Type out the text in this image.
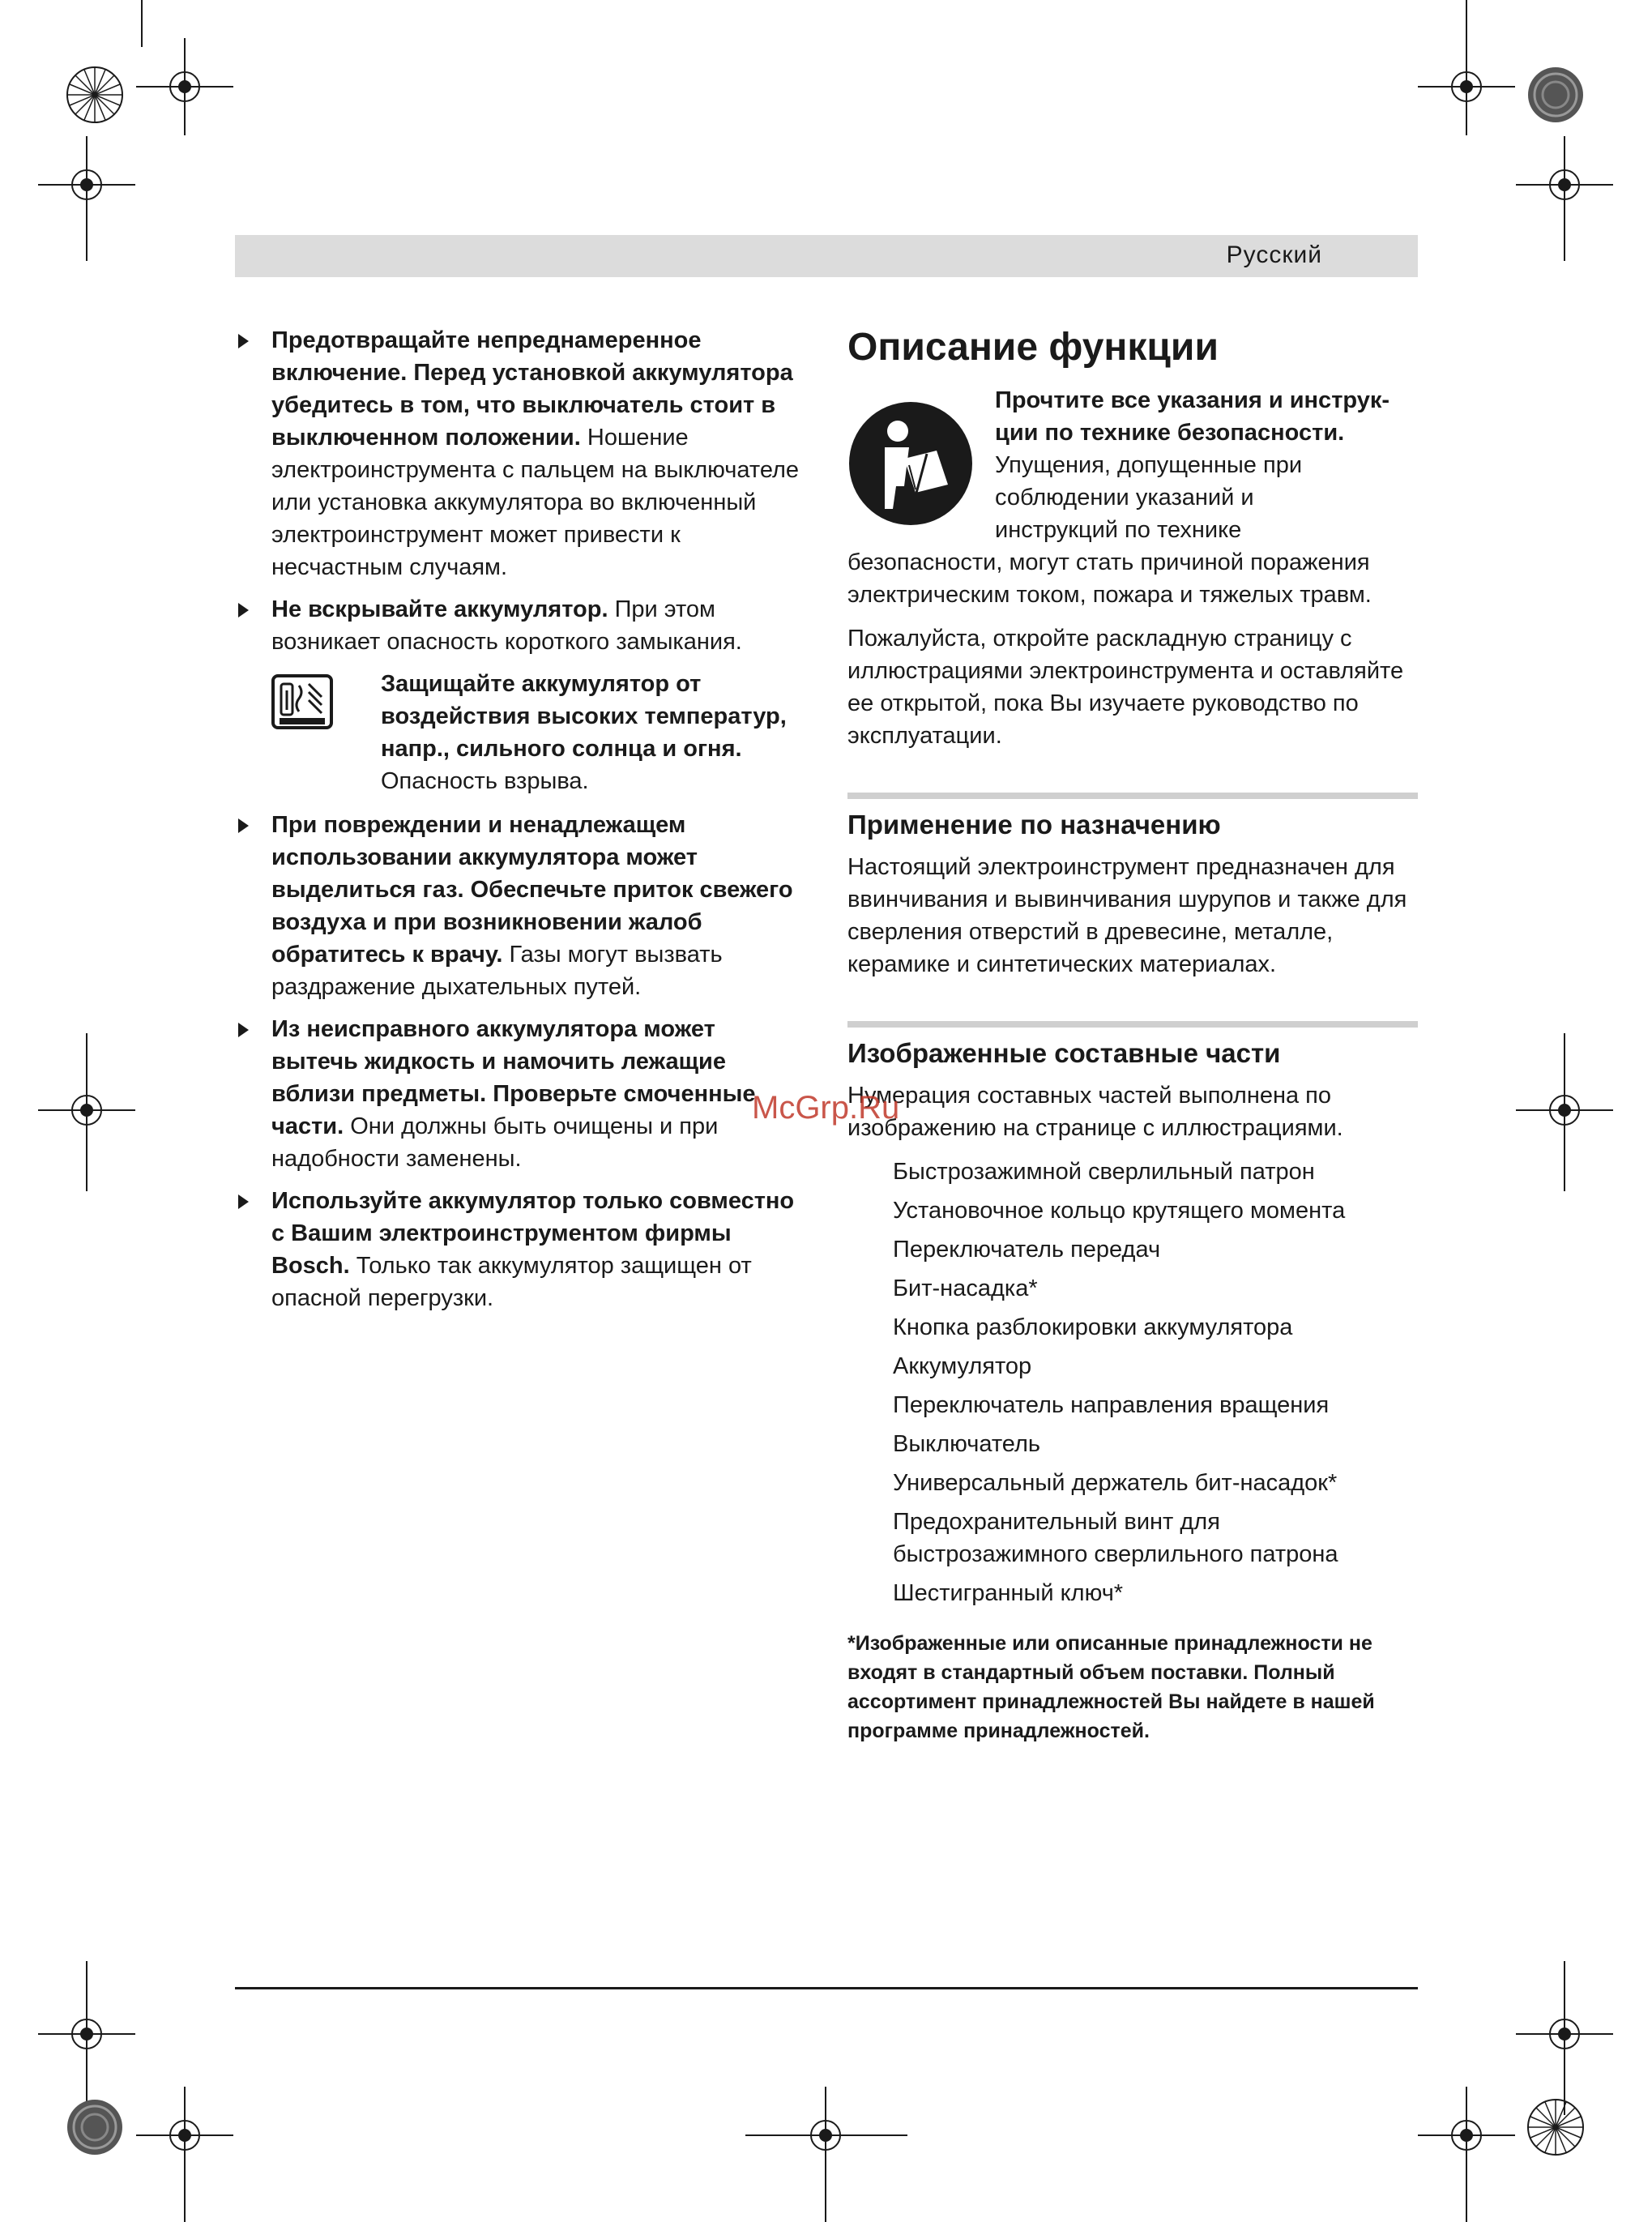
Русский
Предотвращайте непреднамеренное включение. Перед установкой аккумулятора убедитесь в том, что выключатель стоит в выключенном положении. Ношение электроинструмента с пальцем на выключателе или установка аккумулятора во включенный электроинструмент может привести к несчастным случаям.
Не вскрывайте аккумулятор. При этом возникает опасность короткого замыкания.
Защищайте аккумулятор от воздействия высоких температур, напр., сильного солнца и огня. Опасность взрыва.
При повреждении и ненадлежащем использовании аккумулятора может выделиться газ. Обеспечьте приток свежего воздуха и при возникновении жалоб обратитесь к врачу. Газы могут вызвать раздражение дыхательных путей.
Из неисправного аккумулятора может вытечь жидкость и намочить лежащие вблизи предметы. Проверьте смоченные части. Они должны быть очищены и при надобности заменены.
Используйте аккумулятор только совместно с Вашим электроинструментом фирмы Bosch. Только так аккумулятор защищен от опасной перегрузки.
Описание функции
Прочтите все указания и инструк-
ции по технике безопасности.
Упущения, допущенные при
соблюдении указаний и
инструкций по технике
безопасности, могут стать причиной поражения электрическим током, пожара и тяжелых травм.

Пожалуйста, откройте раскладную страницу с иллюстрациями электроинструмента и оставляйте ее открытой, пока Вы изучаете руководство по эксплуатации.

Применение по назначению

Настоящий электроинструмент предназначен для ввинчивания и вывинчивания шурупов и также для сверления отверстий в древесине, металле, керамике и синтетических материалах.

Изображенные составные части

Нумерация составных частей выполнена по изображению на странице с иллюстрациями.

Быстрозажимной сверлильный патрон
Установочное кольцо крутящего момента
Переключатель передач
Бит-насадка*
Кнопка разблокировки аккумулятора
Аккумулятор
Переключатель направления вращения
Выключатель
Универсальный держатель бит-насадок*
Предохранительный винт для быстрозажимного сверлильного патрона
Шестигранный ключ*
*Изображенные или описанные принадлежности не входят в стандартный объем поставки. Полный ассортимент принадлежностей Вы найдете в нашей программе принадлежностей.
McGrp.Ru
